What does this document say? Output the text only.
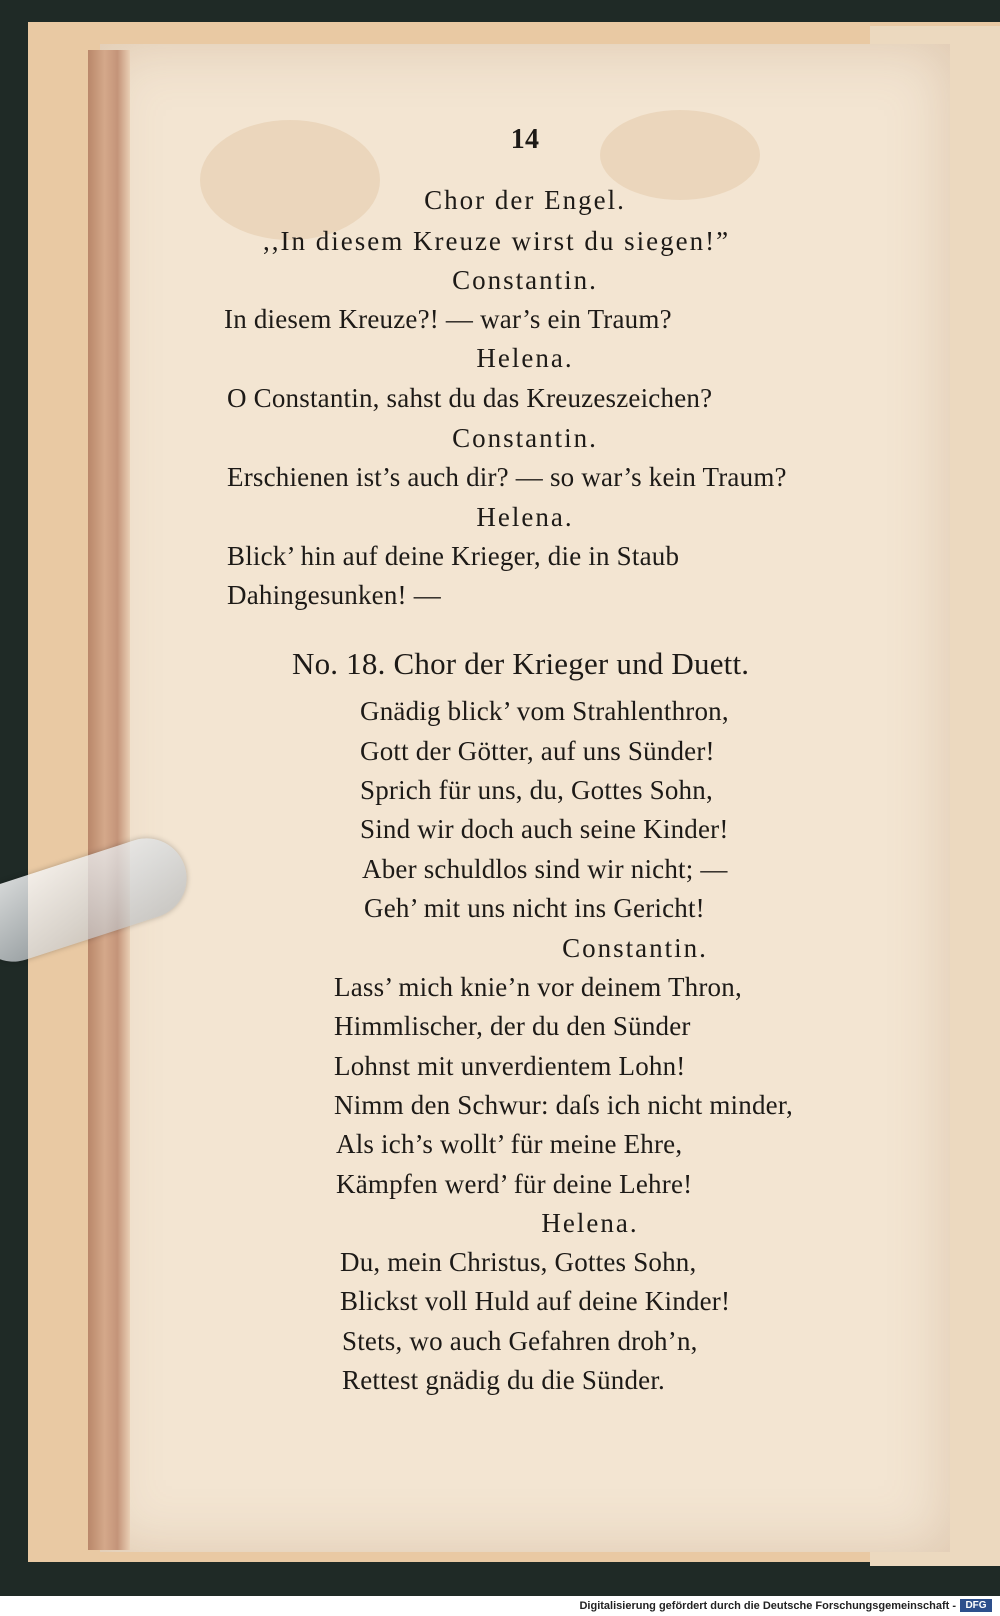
14
Chor der Engel.
,,In diesem Kreuze wirst du siegen!”
Constantin.
In diesem Kreuze?! — war’s ein Traum?
Helena.
O Constantin, sahst du das Kreuzeszeichen?
Constantin.
Erschienen ist’s auch dir? — so war’s kein Traum?
Helena.
Blick’ hin auf deine Krieger, die in Staub
Dahingesunken! —
No. 18. Chor der Krieger und Duett.
Gnädig blick’ vom Strahlenthron,
Gott der Götter, auf uns Sünder!
Sprich für uns, du, Gottes Sohn,
Sind wir doch auch seine Kinder!
Aber schuldlos sind wir nicht; —
Geh’ mit uns nicht ins Gericht!
Constantin.
Lass’ mich knie’n vor deinem Thron,
Himmlischer, der du den Sünder
Lohnst mit unverdientem Lohn!
Nimm den Schwur: daſs ich nicht minder,
Als ich’s wollt’ für meine Ehre,
Kämpfen werd’ für deine Lehre!
Helena.
Du, mein Christus, Gottes Sohn,
Blickst voll Huld auf deine Kinder!
Stets, wo auch Gefahren droh’n,
Rettest gnädig du die Sünder.
Digitalisierung gefördert durch die Deutsche Forschungsgemeinschaft - DFG
